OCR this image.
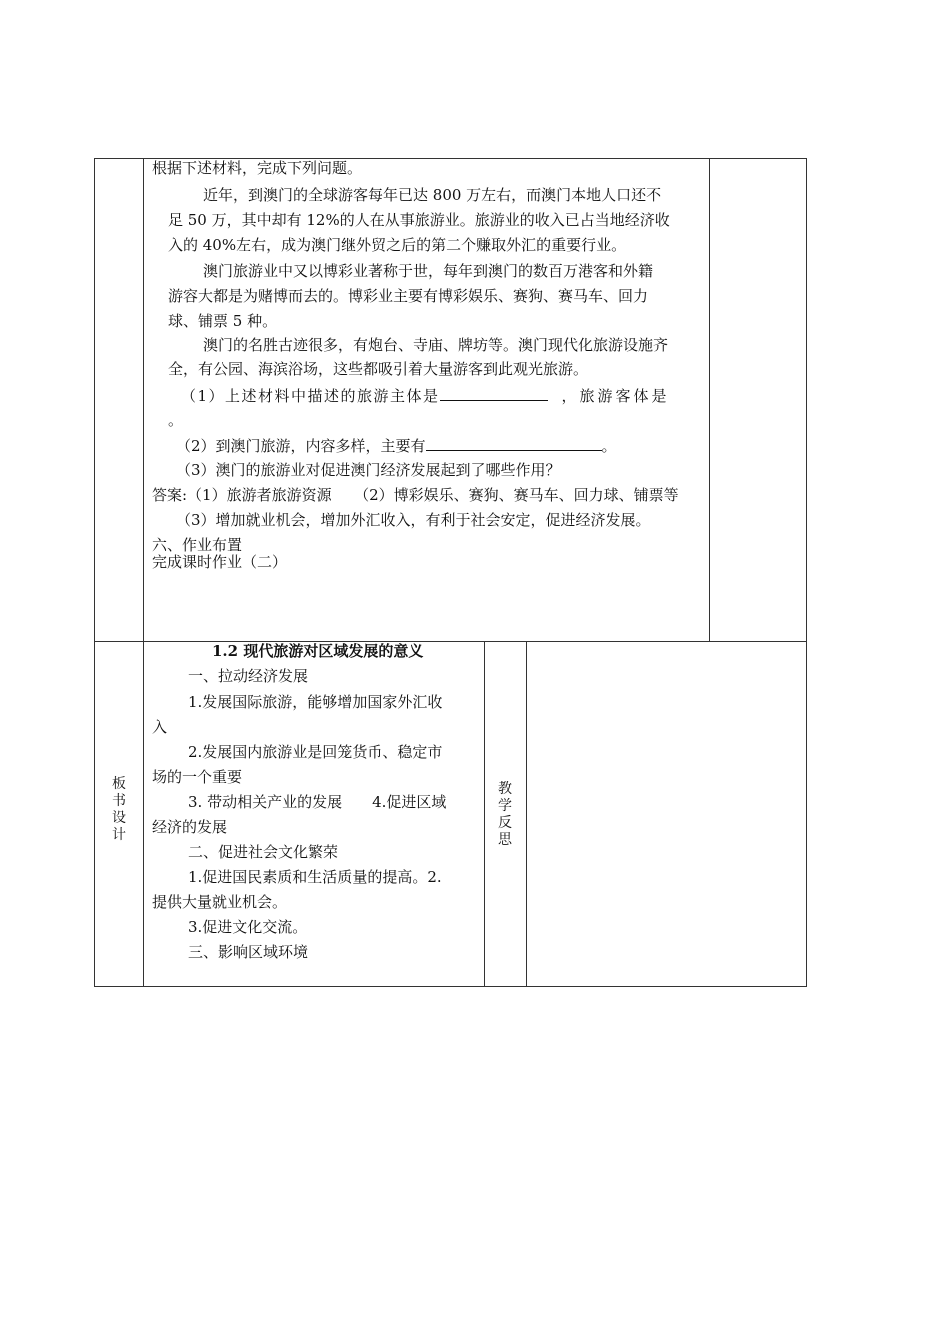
根据下述材料，完成下列问题。
近年，到澳门的全球游客每年已达 800 万左右，而澳门本地人口还不
足 50 万，其中却有 12%的人在从事旅游业。旅游业的收入已占当地经济收
入的 40%左右，成为澳门继外贸之后的第二个赚取外汇的重要行业。
澳门旅游业中又以博彩业著称于世，每年到澳门的数百万港客和外籍
游容大都是为赌博而去的。博彩业主要有博彩娱乐、赛狗、赛马车、回力
球、铺票 5 种。
澳门的名胜古迹很多，有炮台、寺庙、牌坊等。澳门现代化旅游设施齐
全，有公园、海滨浴场，这些都吸引着大量游客到此观光旅游。
（1）上述材料中描述的旅游主体是	，旅游客体是
。
（2）到澳门旅游，内容多样，主要有	。
（3）澳门的旅游业对促进澳门经济发展起到了哪些作用？
答案:（1）旅游者旅游资源　　（2）博彩娱乐、赛狗、赛马车、回力球、铺票等
（3）增加就业机会，增加外汇收入，有利于社会安定，促进经济发展。
六、作业布置
完成课时作业（二）
板
书
设
计
1.2 现代旅游对区域发展的意义
一、拉动经济发展
1.发展国际旅游，能够增加国家外汇收
入
2.发展国内旅游业是回笼货币、稳定市
场的一个重要
3. 带动相关产业的发展　　4.促进区域
经济的发展
二、促进社会文化繁荣
1.促进国民素质和生活质量的提高。2.
提供大量就业机会。
3.促进文化交流。
三、影响区域环境
教
学
反
思
